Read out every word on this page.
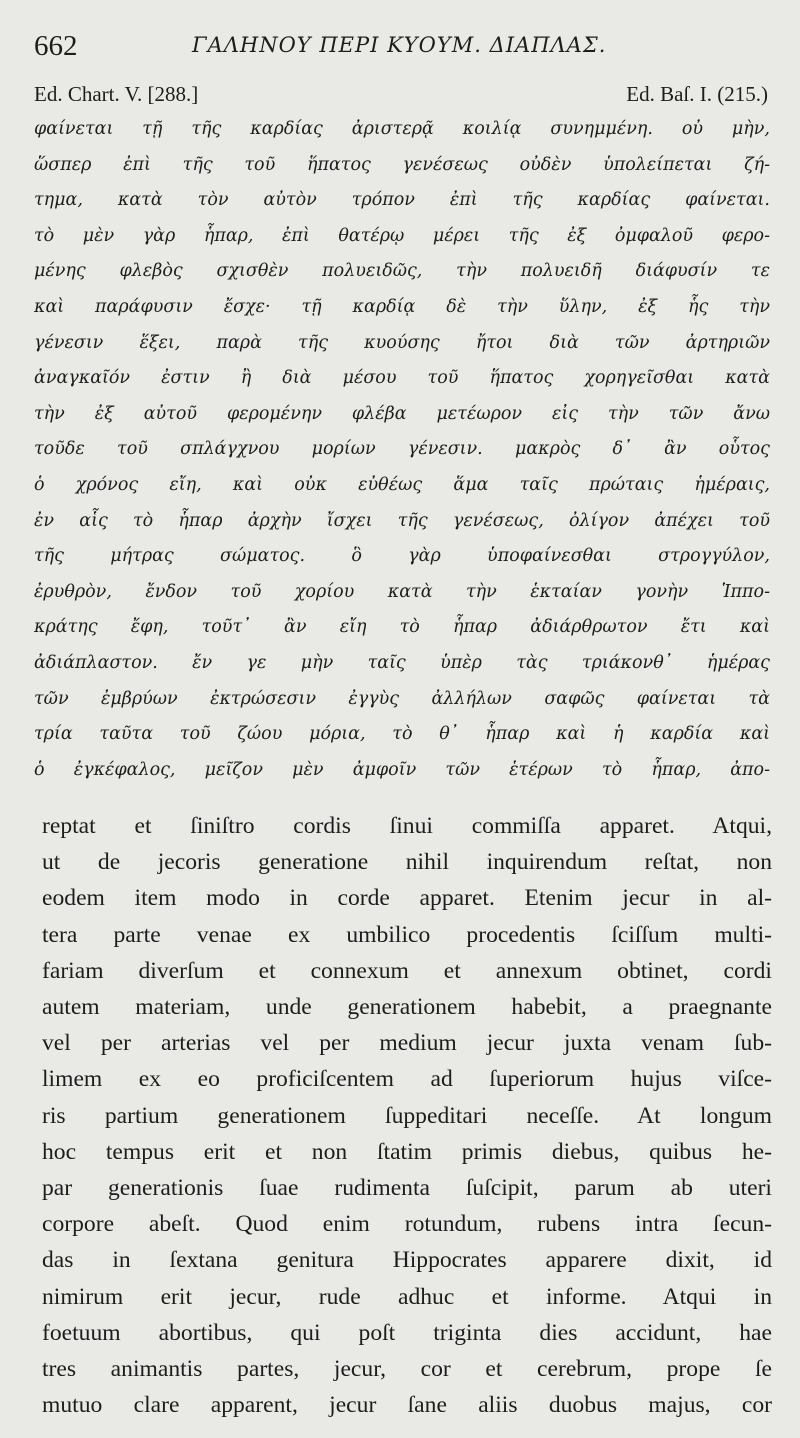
662	ΓΑΛΗΝΟΥ ΠΕΡΙ ΚΥΟΥΜ. ΔΙΑΠΛΑΣ.
Ed. Chart. V. [288.]	Ed. Baſ. I. (215.)
φαίνεται τῇ τῆς καρδίας ἀριστερᾷ κοιλίᾳ συνημμένη. οὐ μὴν,
ὥσπερ ἐπὶ τῆς τοῦ ἥπατος γενέσεως οὐδὲν ὑπολείπεται ζή-
τημα, κατὰ τὸν αὐτὸν τρόπον ἐπὶ τῆς καρδίας φαίνεται.
τὸ μὲν γὰρ ἧπαρ, ἐπὶ θατέρῳ μέρει τῆς ἐξ ὀμφαλοῦ φερο-
μένης φλεβὸς σχισθὲν πολυειδῶς, τὴν πολυειδῆ διάφυσίν τε
καὶ παράφυσιν ἔσχε· τῇ καρδίᾳ δὲ τὴν ὕλην, ἐξ ἧς τὴν
γένεσιν ἕξει, παρὰ τῆς κυούσης ἤτοι διὰ τῶν ἀρτηριῶν
ἀναγκαῖόν ἐστιν ἢ διὰ μέσου τοῦ ἥπατος χορηγεῖσθαι κατὰ
τὴν ἐξ αὐτοῦ φερομένην φλέβα μετέωρον εἰς τὴν τῶν ἄνω
τοῦδε τοῦ σπλάγχνου μορίων γένεσιν. μακρὸς δ᾽ ἂν οὗτος
ὁ χρόνος εἴη, καὶ οὐκ εὐθέως ἅμα ταῖς πρώταις ἡμέραις,
ἐν αἷς τὸ ἧπαρ ἀρχὴν ἴσχει τῆς γενέσεως, ὀλίγον ἀπέχει τοῦ
τῆς μήτρας σώματος. ὃ γὰρ ὑποφαίνεσθαι στρογγύλον,
ἐρυθρὸν, ἔνδον τοῦ χορίου κατὰ τὴν ἑκταίαν γονὴν Ἱππο-
κράτης ἔφη, τοῦτ᾽ ἂν εἴη τὸ ἧπαρ ἀδιάρθρωτον ἔτι καὶ
ἀδιάπλαστον. ἔν γε μὴν ταῖς ὑπὲρ τὰς τριάκονθ᾽ ἡμέρας
τῶν ἐμβρύων ἐκτρώσεσιν ἐγγὺς ἀλλήλων σαφῶς φαίνεται τὰ
τρία ταῦτα τοῦ ζώου μόρια, τὸ θ᾽ ἧπαρ καὶ ἡ καρδία καὶ
ὁ ἐγκέφαλος, μεῖζον μὲν ἀμφοῖν τῶν ἑτέρων τὸ ἧπαρ, ἀπο-
reptat et ſiniſtro cordis ſinui commiſſa apparet. Atqui,
ut de jecoris generatione nihil inquirendum reſtat, non
eodem item modo in corde apparet. Etenim jecur in al-
tera parte venae ex umbilico procedentis ſciſſum multi-
fariam diverſum et connexum et annexum obtinet, cordi
autem materiam, unde generationem habebit, a praegnante
vel per arterias vel per medium jecur juxta venam ſub-
limem ex eo proficiſcentem ad ſuperiorum hujus viſce-
ris partium generationem ſuppeditari neceſſe. At longum
hoc tempus erit et non ſtatim primis diebus, quibus he-
par generationis ſuae rudimenta ſuſcipit, parum ab uteri
corpore abeſt. Quod enim rotundum, rubens intra ſecun-
das in ſextana genitura Hippocrates apparere dixit, id
nimirum erit jecur, rude adhuc et informe. Atqui in
foetuum abortibus, qui poſt triginta dies accidunt, hae
tres animantis partes, jecur, cor et cerebrum, prope ſe
mutuo clare apparent, jecur ſane aliis duobus majus, cor
